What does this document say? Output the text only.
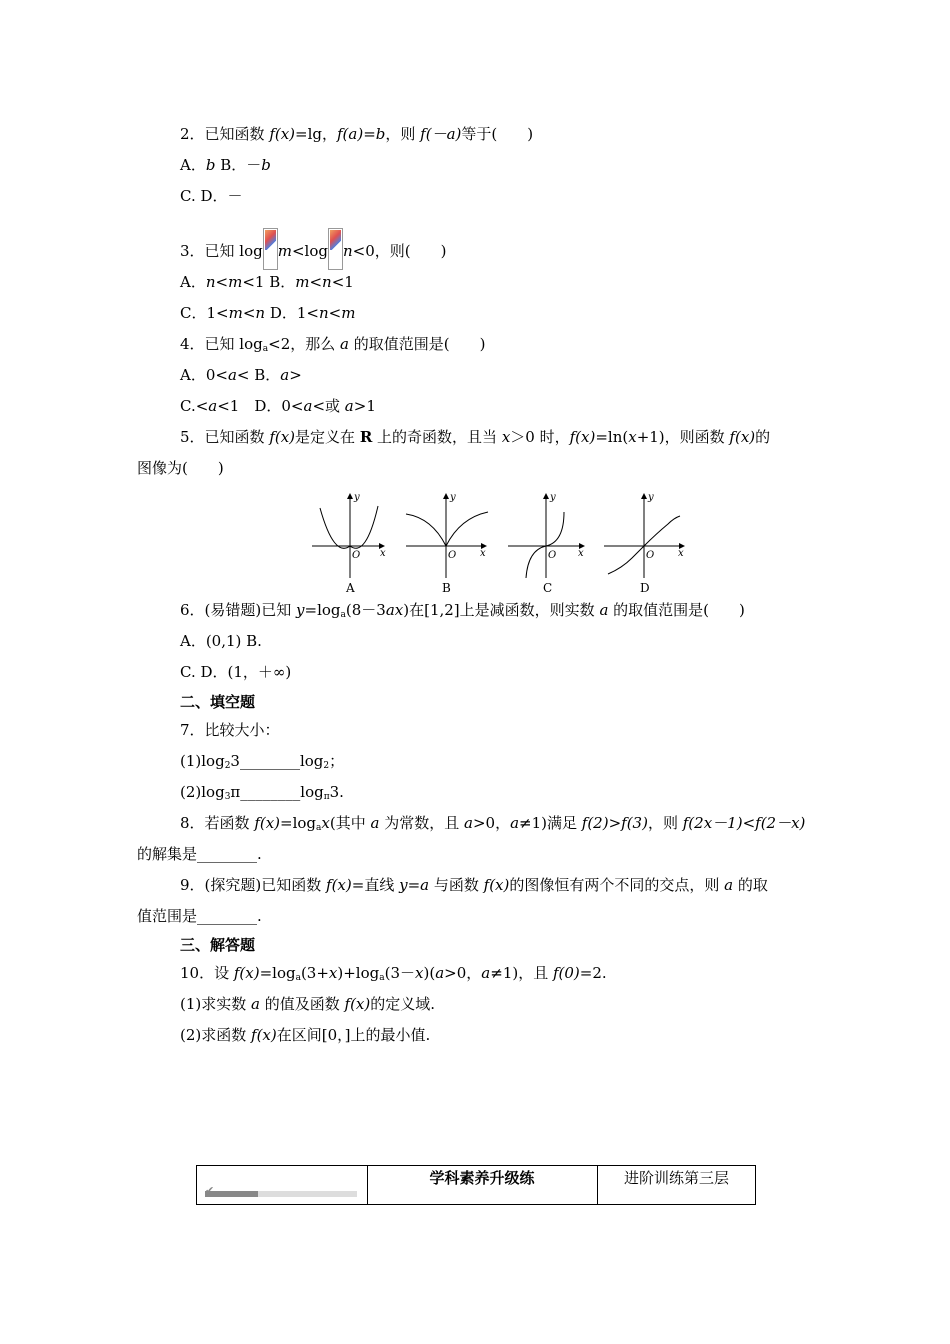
2．已知函数 f(x)=lg，f(a)=b，则 f(－a)等于(　　)
A．b B．－b
C. D．－
3．已知 log m<log n<0，则(　　)
A．n<m<1 B．m<n<1
C．1<m<n D．1<n<m
4．已知 $\log_a<2$，那么 a 的取值范围是(　　)
A．0<a< B．a>
C.<a<1　D．0<a<或 a>1
5．已知函数 f(x)是定义在 R 上的奇函数，且当 x＞0 时，f(x)=ln(x+1)，则函数 f(x)的
图像为(　　)
y
x
O
A
y
x
O
B
y
x
O
C
y
x
O
D
6．(易错题)已知 $y=\log_a(8-3ax)$在[1,2]上是减函数，则实数 a 的取值范围是(　　)
A．(0,1) B.
C. D．(1，＋∞)
二、填空题
7．比较大小：
$(1)\log_23\_\_\_\_\_\_\_\_\log_2$；
$(2)\log_3\pi\_\_\_\_\_\_\_\_\log_\pi 3$.
8．若函数 $f(x)=\log_ax$(其中 a 为常数，且 a>0，a≠1)满足 f(2)>f(3)，则 f(2x－1)<f(2－x)
的解集是________.
9．(探究题)已知函数 f(x)=直线 y=a 与函数 f(x)的图像恒有两个不同的交点，则 a 的取
值范围是________.
三、解答题
10．设 $f(x)=\log_a(3+x)+\log_a(3-x)(a>0$，a≠1)，且 f(0)=2.
(1)求实数 a 的值及函数 f(x)的定义域.
(2)求函数 f(x)在区间[0，]上的最小值.
学科素养升级练	进阶训练第三层
